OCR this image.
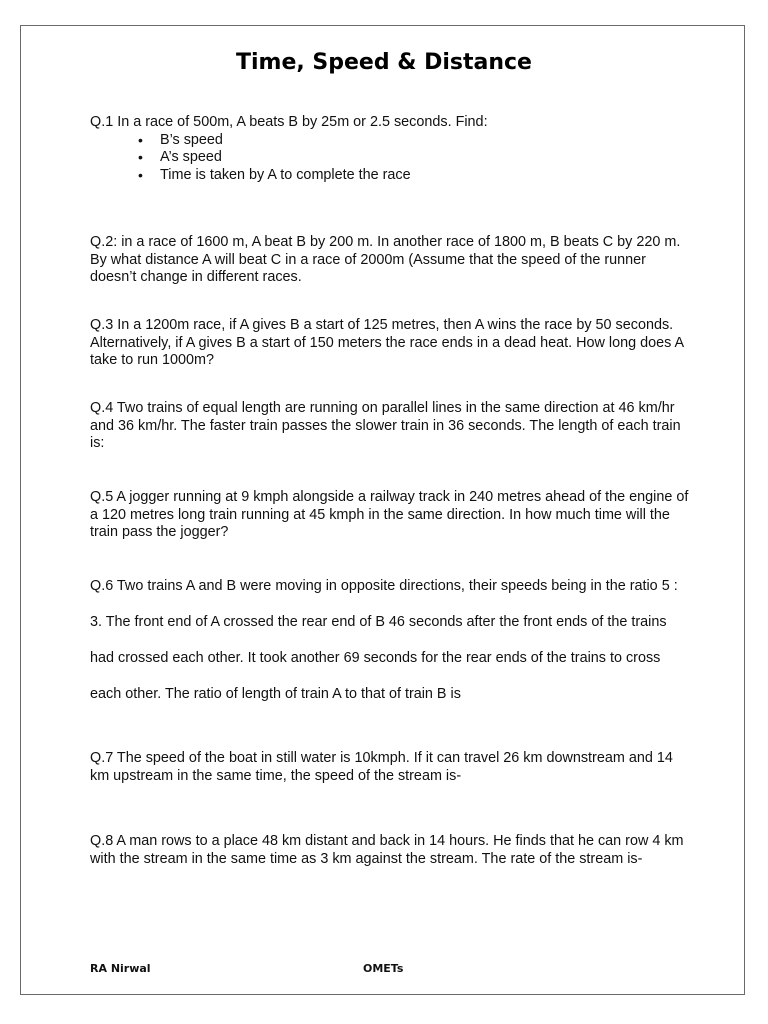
Time, Speed & Distance

Q.1 In a race of 500m, A beats B by 25m or 2.5 seconds. Find:

• B’s speed
• A’s speed
• Time is taken by A to complete the race

Q.2: in a race of 1600 m, A beat B by 200 m. In another race of 1800 m, B beats C by 220 m. By what distance A will beat C in a race of 2000m (Assume that the speed of the runner doesn’t change in different races.

Q.3 In a 1200m race, if A gives B a start of 125 metres, then A wins the race by 50 seconds. Alternatively, if A gives B a start of 150 meters the race ends in a dead heat. How long does A take to run 1000m?

Q.4 Two trains of equal length are running on parallel lines in the same direction at 46 km/hr and 36 km/hr. The faster train passes the slower train in 36 seconds. The length of each train is:

Q.5 A jogger running at 9 kmph alongside a railway track in 240 metres ahead of the engine of a 120 metres long train running at 45 kmph in the same direction. In how much time will the train pass the jogger?

Q.6 Two trains A and B were moving in opposite directions, their speeds being in the ratio 5 : 3. The front end of A crossed the rear end of B 46 seconds after the front ends of the trains had crossed each other. It took another 69 seconds for the rear ends of the trains to cross each other. The ratio of length of train A to that of train B is

Q.7 The speed of the boat in still water is 10kmph. If it can travel 26 km downstream and 14 km upstream in the same time, the speed of the stream is-

Q.8 A man rows to a place 48 km distant and back in 14 hours. He finds that he can row 4 km with the stream in the same time as 3 km against the stream. The rate of the stream is-

RA Nirwal	OMETs
